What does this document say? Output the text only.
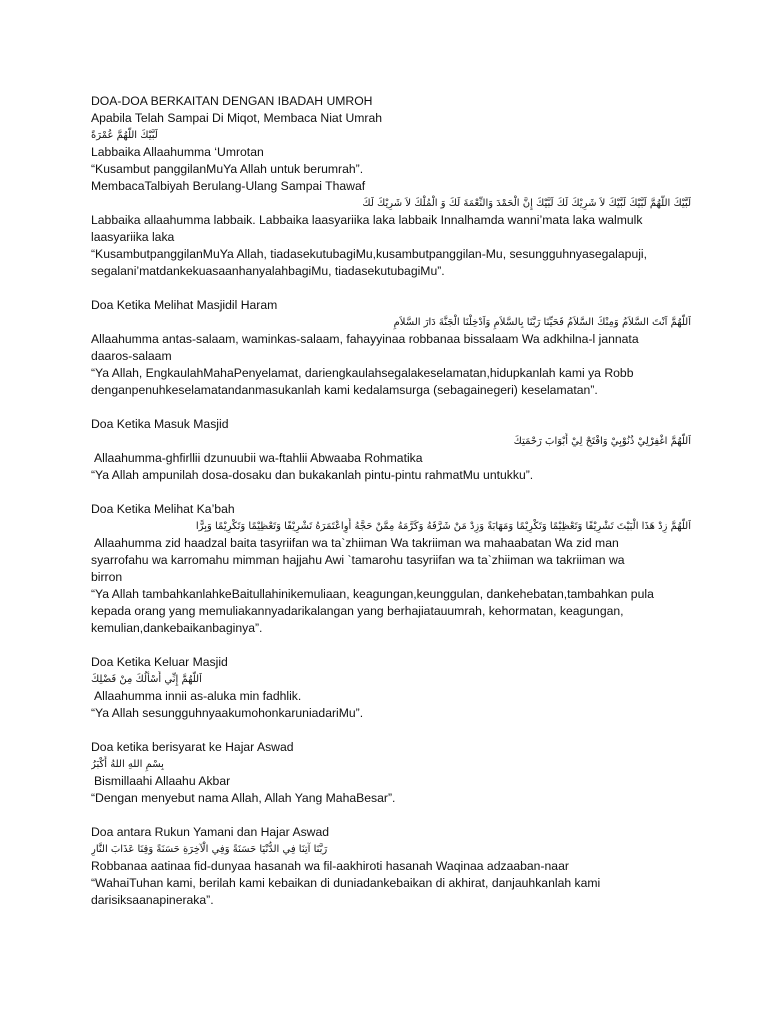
DOA-DOA BERKAITAN DENGAN IBADAH UMROH
Apabila Telah Sampai Di Miqot, Membaca Niat Umrah
لَبَّيْكَ اللَّهُمَّ عُمْرَةً
Labbaika Allaahumma ‘Umrotan
“Kusambut panggilanMuYa Allah untuk berumrah”.
MembacaTalbiyah Berulang-Ulang Sampai Thawaf
لَبَّيْكَ اللَّهُمَّ لَبَّيْكَ لَبَّيْكَ لاَ شَرِيْكَ لَكَ لَبَّيْكَ إِنَّ الْحَمْدَ وَالنِّعْمَةَ لَكَ وَ الْمُلْكَ لاَ شَرِيْكَ لَكَ
Labbaika allaahumma labbaik. Labbaika laasyariika laka labbaik Innalhamda wanni’mata laka walmulk
laasyariika laka
“KusambutpanggilanMuYa Allah, tiadasekutubagiMu,kusambutpanggilan-Mu, sesungguhnyasegalapuji,
segalani’matdankekuasaanhanyalahbagiMu, tiadasekutubagiMu”.
Doa Ketika Melihat Masjidil Haram
اَللّهُمَّ اَنْتَ السَّلاَمُ وَمِنْكَ السَّلاَمُ فَحَيِّنَا رَبَّنَا بِالسَّلاَمِ وَاَدْخِلْنَا الْجَنَّةَ دَارَ السَّلاَمِ
Allaahumma antas-salaam, waminkas-salaam, fahayyinaa robbanaa bissalaam Wa adkhilna-l jannata
daaros-salaam
“Ya Allah, EngkaulahMahaPenyelamat, dariengkaulahsegalakeselamatan,hidupkanlah kami ya Robb
denganpenuhkeselamatandanmasukanlah kami kedalamsurga (sebagainegeri) keselamatan”.
Doa Ketika Masuk Masjid
اَللّهُمَّ اغْفِرْلِيْ ذُنُوْبِيْ وَافْتَحْ لِيْ أَبْوَابَ رَحْمَتِكَ
Allaahumma-ghfirllii dzunuubii wa-ftahlii Abwaaba Rohmatika
“Ya Allah ampunilah dosa-dosaku dan bukakanlah pintu-pintu rahmatMu untukku”.
Doa Ketika Melihat Ka’bah
اَللّهُمَّ زِدْ هَذَا الْبَيْتَ تَشْرِيْفًا وَتَعْظِيْمًا وَتَكْرِيْمًا وَمَهَابَةً وَزِدْ مَنْ شَرَّفَهُ وَكَرَّمَهُ مِمَّنْ حَجَّهُ أَوِاعْتَمَرَهُ تَشْرِيْفًا وَتَعْظِيْمًا وَتَكْرِيْمًا وَبِرًّا
Allaahumma zid haadzal baita tasyriifan wa ta`zhiiman Wa takriiman wa mahaabatan Wa zid man
syarrofahu wa karromahu mimman hajjahu Awi `tamarohu tasyriifan wa ta`zhiiman wa takriiman wa
birron
“Ya Allah tambahkanlahkeBaitullahinikemuliaan, keagungan,keunggulan, dankehebatan,tambahkan pula
kepada orang yang memuliakannyadarikalangan yang berhajiatauumrah, kehormatan, keagungan,
kemulian,dankebaikanbaginya”.
Doa Ketika Keluar Masjid
اَللّهُمَّ إِنِّي أَسْأَلُكَ مِنْ فَضْلِكَ
Allaahumma innii as-aluka min fadhlik.
“Ya Allah sesungguhnyaakumohonkaruniadariMu”.
Doa ketika berisyarat ke Hajar Aswad
بِسْمِ اللهِ اللهُ أَكْبَرُ
Bismillaahi Allaahu Akbar
“Dengan menyebut nama Allah, Allah Yang MahaBesar”.
Doa antara Rukun Yamani dan Hajar Aswad
رَبَّنَا آتِنَا فِي الدُّنْيَا حَسَنَةً وَفِي الْآخِرَةِ حَسَنَةً وَقِنَا عَذَابَ النَّارِ
Robbanaa aatinaa fid-dunyaa hasanah wa fil-aakhiroti hasanah Waqinaa adzaaban-naar
“WahaiTuhan kami, berilah kami kebaikan di duniadankebaikan di akhirat, danjauhkanlah kami
darisiksaanapineraka”.
